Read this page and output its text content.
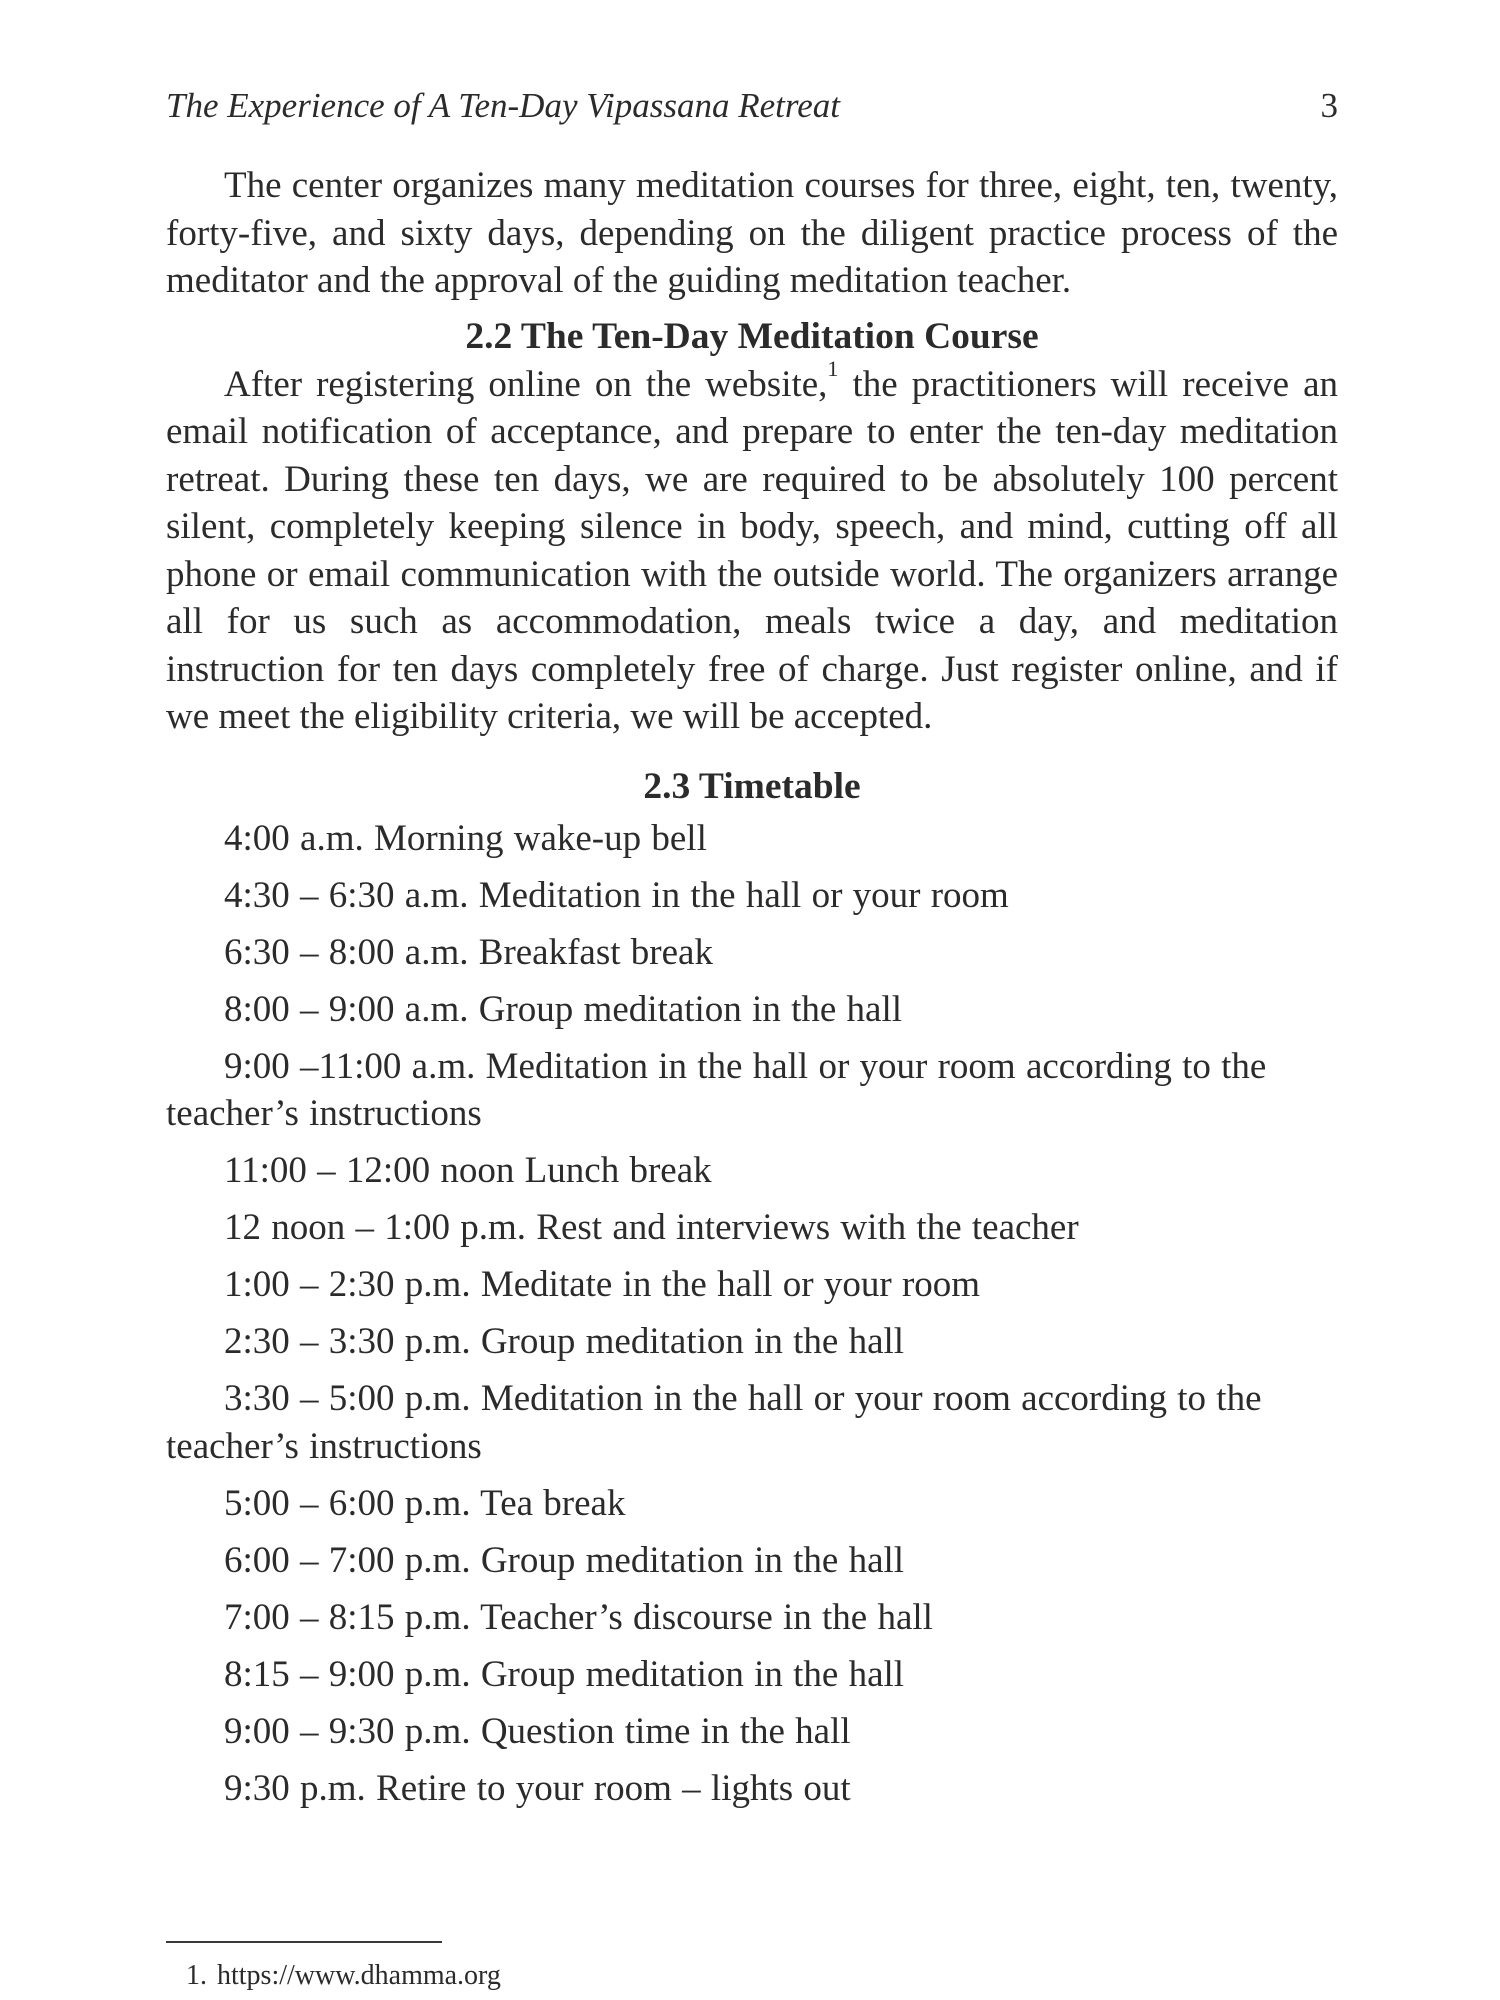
The Experience of A Ten-Day Vipassana Retreat	3

The center organizes many meditation courses for three, eight, ten, twenty, forty-five, and sixty days, depending on the diligent practice process of the meditator and the approval of the guiding meditation teacher.

2.2 The Ten-Day Meditation Course

After registering online on the website,$^1$ the practitioners will receive an email notification of acceptance, and prepare to enter the ten-day meditation retreat. During these ten days, we are required to be absolutely 100 percent silent, completely keeping silence in body, speech, and mind, cutting off all phone or email communication with the outside world. The organizers arrange all for us such as accommodation, meals twice a day, and meditation instruction for ten days completely free of charge. Just register online, and if we meet the eligibility criteria, we will be accepted.

2.3 Timetable
4:00 a.m. Morning wake-up bell
4:30 – 6:30 a.m. Meditation in the hall or your room
6:30 – 8:00 a.m. Breakfast break
8:00 – 9:00 a.m. Group meditation in the hall
9:00 –11:00 a.m. Meditation in the hall or your room according to the teacher’s instructions
11:00 – 12:00 noon Lunch break
12 noon – 1:00 p.m. Rest and interviews with the teacher
1:00 – 2:30 p.m. Meditate in the hall or your room
2:30 – 3:30 p.m. Group meditation in the hall
3:30 – 5:00 p.m. Meditation in the hall or your room according to the teacher’s instructions
5:00 – 6:00 p.m. Tea break
6:00 – 7:00 p.m. Group meditation in the hall
7:00 – 8:15 p.m. Teacher’s discourse in the hall
8:15 – 9:00 p.m. Group meditation in the hall
9:00 – 9:30 p.m. Question time in the hall
9:30 p.m. Retire to your room – lights out
1. https://www.dhamma.org
